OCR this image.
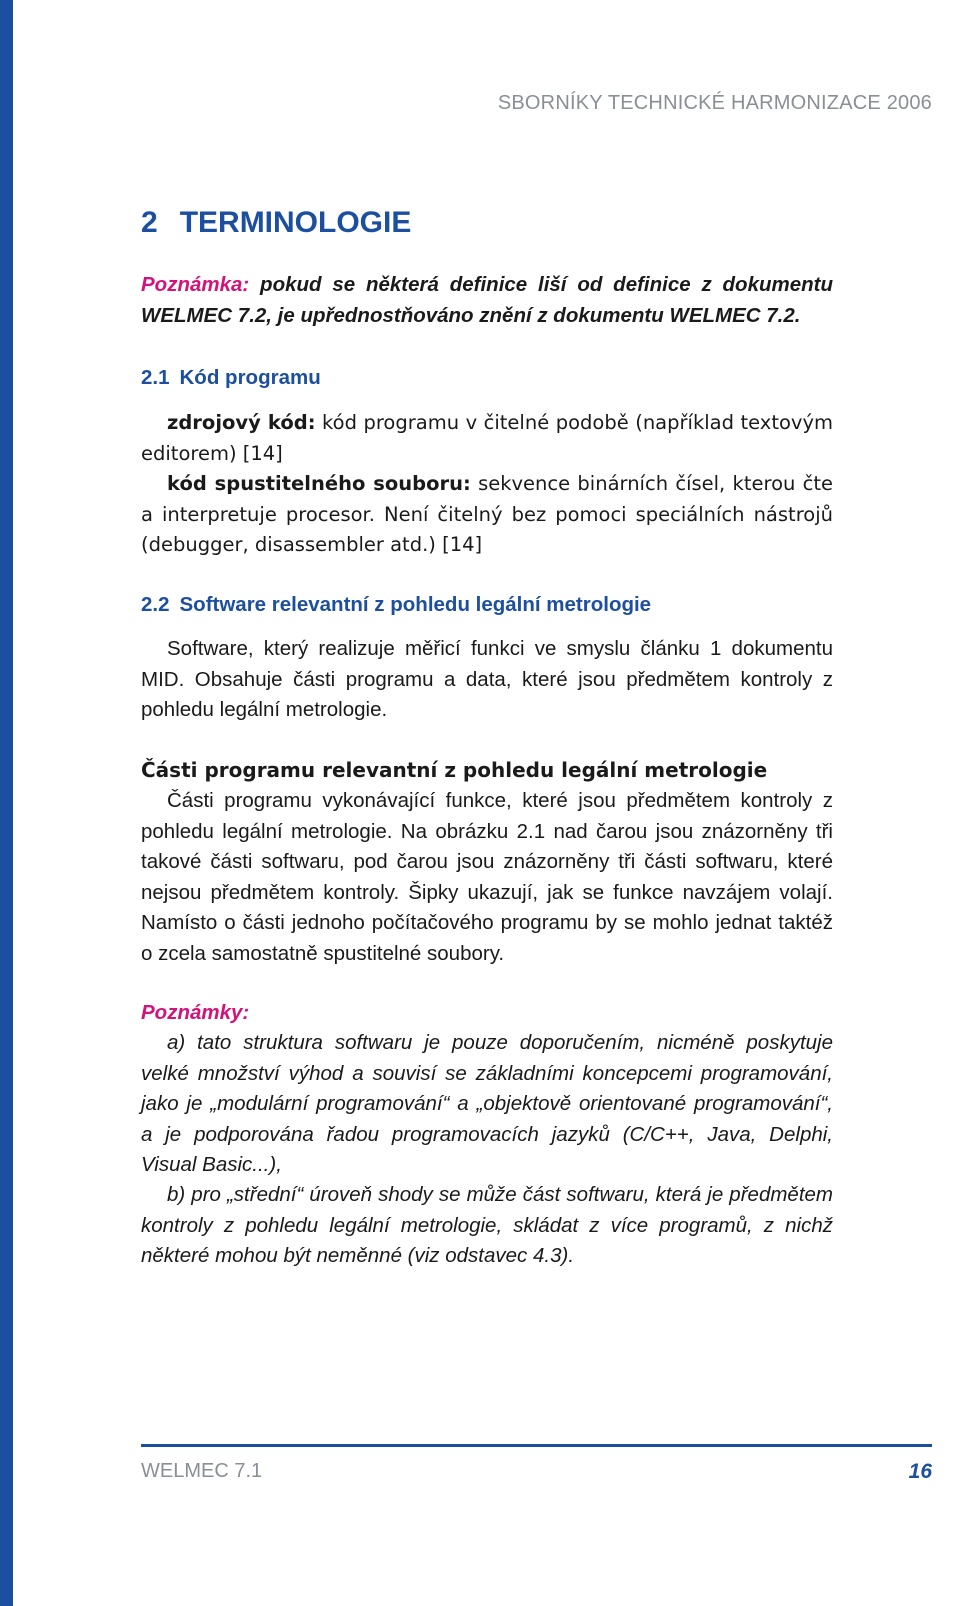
SBORNÍKY TECHNICKÉ HARMONIZACE 2006
2 TERMINOLOGIE
Poznámka: pokud se některá definice liší od definice z dokumentu WELMEC 7.2, je upřednostňováno znění z dokumentu WELMEC 7.2.
2.1 Kód programu

zdrojový kód: kód programu v čitelné podobě (například textovým editorem) [14]

kód spustitelného souboru: sekvence binárních čísel, kterou čte a interpretuje procesor. Není čitelný bez pomoci speciálních nástrojů (debugger, disassembler atd.) [14]

2.2 Software relevantní z pohledu legální metrologie
Software, který realizuje měřicí funkci ve smyslu článku 1 dokumentu MID. Obsahuje části programu a data, které jsou předmětem kontroly z pohledu legální metrologie.
Části programu relevantní z pohledu legální metrologie
Části programu vykonávající funkce, které jsou předmětem kontroly z pohledu legální metrologie. Na obrázku 2.1 nad čarou jsou znázorněny tři takové části softwaru, pod čarou jsou znázorněny tři části softwaru, které nejsou předmětem kontroly. Šipky ukazují, jak se funkce navzájem volají. Namísto o části jednoho počítačového programu by se mohlo jednat taktéž o zcela samostatně spustitelné soubory.
Poznámky:
a) tato struktura softwaru je pouze doporučením, nicméně poskytuje velké množství výhod a souvisí se základními koncepcemi programování, jako je „modulární programování“ a „objektově orientované programování“, a je podporována řadou programovacích jazyků (C/C++, Java, Delphi, Visual Basic...),
b) pro „střední“ úroveň shody se může část softwaru, která je předmětem kontroly z pohledu legální metrologie, skládat z více programů, z nichž některé mohou být neměnné (viz odstavec 4.3).
WELMEC 7.1	16
